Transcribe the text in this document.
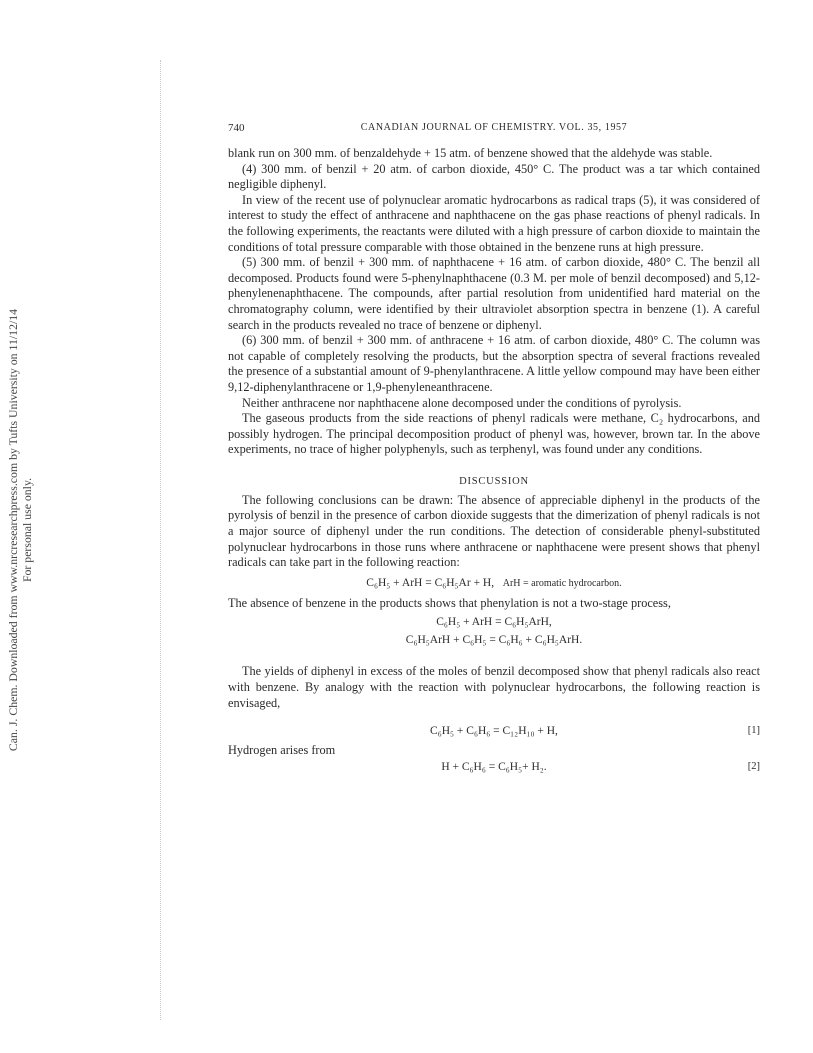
Can. J. Chem. Downloaded from www.nrcresearchpress.com by Tufts University on 11/12/14 For personal use only.
740	CANADIAN JOURNAL OF CHEMISTRY. VOL. 35, 1957

blank run on 300 mm. of benzaldehyde + 15 atm. of benzene showed that the aldehyde was stable.

(4) 300 mm. of benzil + 20 atm. of carbon dioxide, 450° C. The product was a tar which contained negligible diphenyl.

In view of the recent use of polynuclear aromatic hydrocarbons as radical traps (5), it was considered of interest to study the effect of anthracene and naphthacene on the gas phase reactions of phenyl radicals. In the following experiments, the reactants were diluted with a high pressure of carbon dioxide to maintain the conditions of total pressure comparable with those obtained in the benzene runs at high pressure.

(5) 300 mm. of benzil + 300 mm. of naphthacene + 16 atm. of carbon dioxide, 480° C. The benzil all decomposed. Products found were 5-phenylnaphthacene (0.3 M. per mole of benzil decomposed) and 5,12-phenylenenaphthacene. The compounds, after partial resolution from unidentified hard material on the chromatography column, were identified by their ultraviolet absorption spectra in benzene (1). A careful search in the products revealed no trace of benzene or diphenyl.

(6) 300 mm. of benzil + 300 mm. of anthracene + 16 atm. of carbon dioxide, 480° C. The column was not capable of completely resolving the products, but the absorption spectra of several fractions revealed the presence of a substantial amount of 9-phenylanthracene. A little yellow compound may have been either 9,12-diphenylanthracene or 1,9-phenyleneanthracene.

Neither anthracene nor naphthacene alone decomposed under the conditions of pyrolysis.

The gaseous products from the side reactions of phenyl radicals were methane, C₂ hydrocarbons, and possibly hydrogen. The principal decomposition product of phenyl was, however, brown tar. In the above experiments, no trace of higher polyphenyls, such as terphenyl, was found under any conditions.

DISCUSSION

The following conclusions can be drawn: The absence of appreciable diphenyl in the products of the pyrolysis of benzil in the presence of carbon dioxide suggests that the dimerization of phenyl radicals is not a major source of diphenyl under the run conditions. The detection of considerable phenyl-substituted polynuclear hydrocarbons in those runs where anthracene or naphthacene were present shows that phenyl radicals can take part in the following reaction:

C₆H₅ + ArH = C₆H₅Ar + H, ArH = aromatic hydrocarbon.

The absence of benzene in the products shows that phenylation is not a two-stage process,

C₆H₅ + ArH = C₆H₅ArH,
C₆H₅ArH + C₆H₅ = C₆H₆ + C₆H₅ArH.

The yields of diphenyl in excess of the moles of benzil decomposed show that phenyl radicals also react with benzene. By analogy with the reaction with polynuclear hydrocarbons, the following reaction is envisaged,

C₆H₅ + C₆H₆ = C₁₂H₁₀ + H,	[1]
Hydrogen arises from
H + C₆H₆ = C₆H₅+ H₂.	[2]
